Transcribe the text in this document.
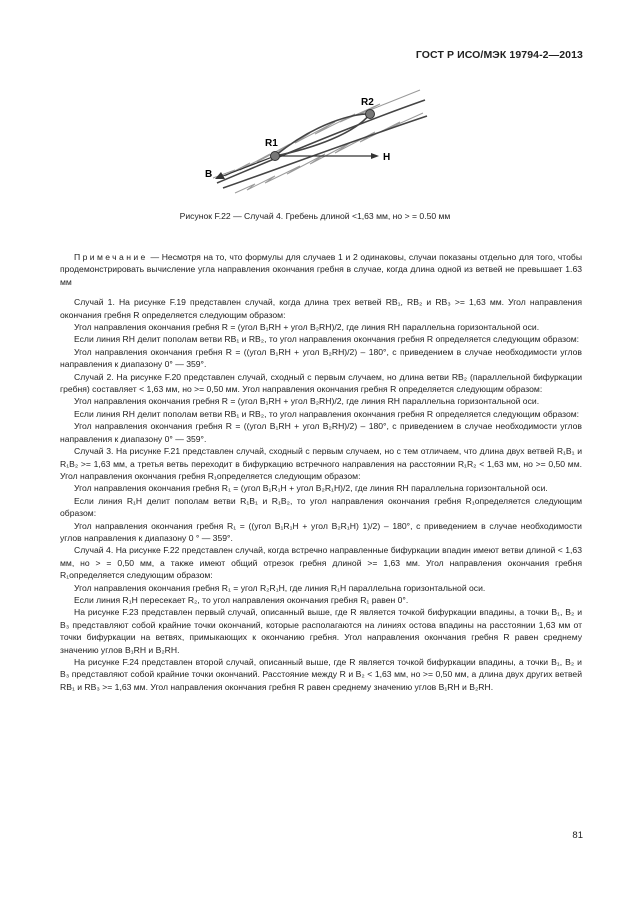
ГОСТ Р ИСО/МЭК 19794-2—2013
R1
R2
H
B
Рисунок F.22 — Случай 4. Гребень длиной <1,63 мм, но > = 0.50 мм

Примечание — Несмотря на то, что формулы для случаев 1 и 2 одинаковы, случаи показаны отдельно для того, чтобы продемонстрировать вычисление угла направления окончания гребня в случае, когда длина одной из ветвей не превышает 1.63 мм

Случай 1. На рисунке F.19 представлен случай, когда длина трех ветвей RB₁, RB₂ и RB₃ >= 1,63 мм. Угол направления окончания гребня R определяется следующим образом:

Угол направления окончания гребня R = (угол B₁RH + угол B₂RH)/2, где линия RH параллельна горизонтальной оси.

Если линия RH делит пополам ветви RB₁ и RB₂, то угол направления окончания гребня R определяется следующим образом:

Угол направления окончания гребня R = ((угол B₁RH + угол B₂RH)/2) – 180°, с приведением в случае необходимости углов направления к диапазону 0° — 359°.

Случай 2. На рисунке F.20 представлен случай, сходный с первым случаем, но длина ветви RB₂ (параллельной бифуркации гребня) составляет < 1,63 мм, но >= 0,50 мм. Угол направления окончания гребня R определяется следующим образом:

Угол направления окончания гребня R = (угол B₁RH + угол B₂RH)/2, где линия RH параллельна горизонтальной оси.

Если линия RH делит пополам ветви RB₁ и RB₂, то угол направления окончания гребня R определяется следующим образом:

Угол направления окончания гребня R = ((угол B₁RH + угол B₂RH)/2) – 180°, с приведением в случае необходимости углов направления к диапазону 0° — 359°.

Случай 3. На рисунке F.21 представлен случай, сходный с первым случаем, но с тем отличаем, что длина двух ветвей R₁B₁ и R₁B₂ >= 1,63 мм, а третья ветвь переходит в бифуркацию встречного направления на расстоянии R₁R₂ < 1,63 мм, но >= 0,50 мм. Угол направления окончания гребня R₁определяется следующим образом:

Угол направления окончания гребня R₁ = (угол B₁R₁H + угол B₂R₁H)/2, где линия RH параллельна горизонтальной оси.

Если линия R₁H делит пополам ветви R₁B₁ и R₁B₂, то угол направления окончания гребня R₁определяется следующим образом:

Угол направления окончания гребня R₁ = ((угол B₁R₁H + угол B₂R₁H) 1)/2) – 180°, с приведением в случае необходимости углов направления к диапазону 0 ° — 359°.

Случай 4. На рисунке F.22 представлен случай, когда встречно направленные бифуркации впадин имеют ветви длиной < 1,63 мм, но > = 0,50 мм, а также имеют общий отрезок гребня длиной >= 1,63 мм. Угол направления окончания гребня R₁определяется следующим образом:

Угол направления окончания гребня R₁ = угол R₂R₁H, где линия R₁H параллельна горизонтальной оси.

Если линия R₁H пересекает R₂, то угол направления окончания гребня R₁ равен 0°.

На рисунке F.23 представлен первый случай, описанный выше, где R является точкой бифуркации впадины, а точки B₁, B₂ и B₃ представляют собой крайние точки окончаний, которые располагаются на линиях остова впадины на расстоянии 1,63 мм от точки бифуркации на ветвях, примыкающих к окончанию гребня. Угол направления окончания гребня R равен среднему значению углов B₁RH и B₂RH.

На рисунке F.24 представлен второй случай, описанный выше, где R является точкой бифуркации впадины, а точки B₁, B₂ и B₃ представляют собой крайние точки окончаний. Расстояние между R и B₂ < 1,63 мм, но >= 0,50 мм, а длина двух других ветвей RB₁ и RB₃ >= 1,63 мм. Угол направления окончания гребня R равен среднему значению углов B₁RH и B₂RH.

81
